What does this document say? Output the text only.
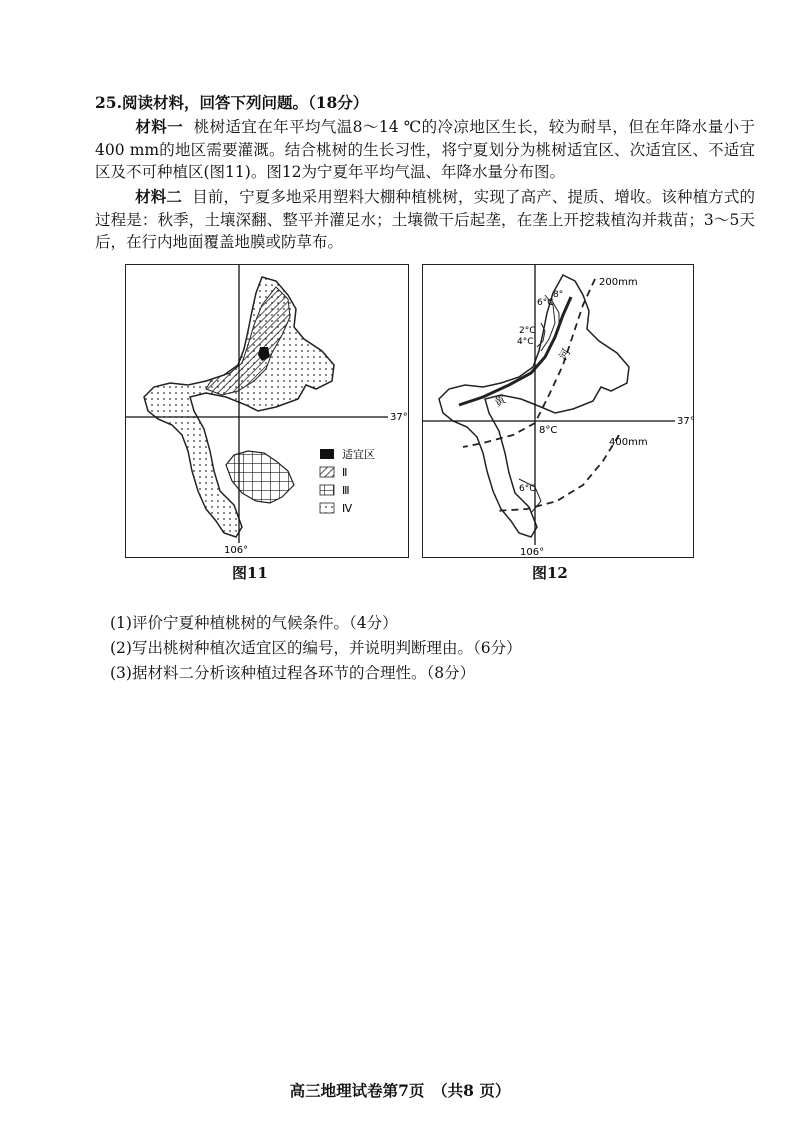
25.阅读材料，回答下列问题。（18分）
材料一 桃树适宜在年平均气温8～14 ℃的冷凉地区生长，较为耐旱，但在年降水量小于400 mm的地区需要灌溉。结合桃树的生长习性，将宁夏划分为桃树适宜区、次适宜区、不适宜区及不可种植区(图11)。图12为宁夏年平均气温、年降水量分布图。
材料二 目前，宁夏多地采用塑料大棚种植桃树，实现了高产、提质、增收。该种植方式的过程是：秋季，土壤深翻、整平并灌足水；土壤微干后起垄，在垄上开挖栽植沟并栽苗；3～5天后，在行内地面覆盖地膜或防草布。
37°
106°
适宜区
Ⅱ
Ⅲ
Ⅳ
图11
37°
106°
200mm
8°
6°C
2°C
4°C
8°C
400mm
6°C
黄
河
图12
(1)评价宁夏种植桃树的气候条件。（4分）
(2)写出桃树种植次适宜区的编号，并说明判断理由。（6分）
(3)据材料二分析该种植过程各环节的合理性。（8分）
高三地理试卷第7页　（共8 页）
